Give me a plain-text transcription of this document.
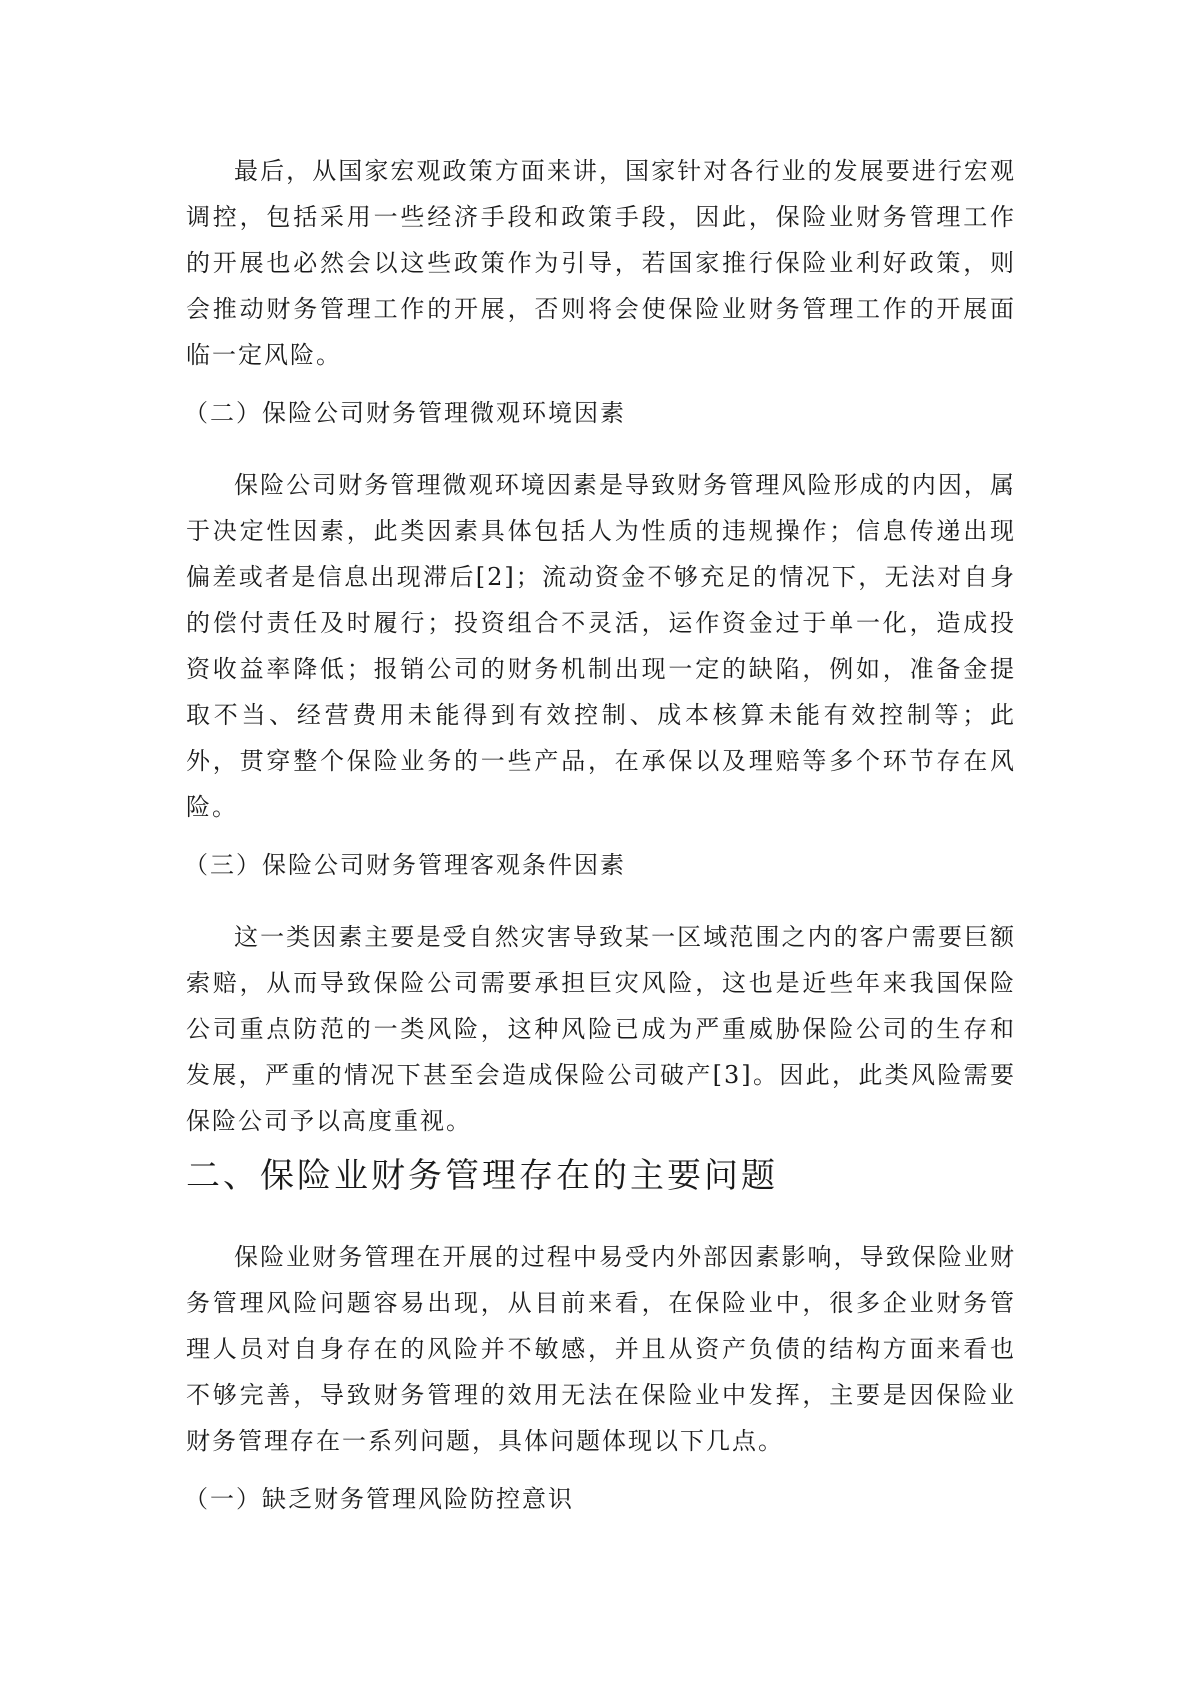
最后，从国家宏观政策方面来讲，国家针对各行业的发展要进行宏观调控，包括采用一些经济手段和政策手段，因此，保险业财务管理工作的开展也必然会以这些政策作为引导，若国家推行保险业利好政策，则会推动财务管理工作的开展，否则将会使保险业财务管理工作的开展面临一定风险。

（二）保险公司财务管理微观环境因素

保险公司财务管理微观环境因素是导致财务管理风险形成的内因，属于决定性因素，此类因素具体包括人为性质的违规操作；信息传递出现偏差或者是信息出现滞后[2]；流动资金不够充足的情况下，无法对自身的偿付责任及时履行；投资组合不灵活，运作资金过于单一化，造成投资收益率降低；报销公司的财务机制出现一定的缺陷，例如，准备金提取不当、经营费用未能得到有效控制、成本核算未能有效控制等；此外，贯穿整个保险业务的一些产品，在承保以及理赔等多个环节存在风险。

（三）保险公司财务管理客观条件因素

这一类因素主要是受自然灾害导致某一区域范围之内的客户需要巨额索赔，从而导致保险公司需要承担巨灾风险，这也是近些年来我国保险公司重点防范的一类风险，这种风险已成为严重威胁保险公司的生存和发展，严重的情况下甚至会造成保险公司破产[3]。因此，此类风险需要保险公司予以高度重视。

二、保险业财务管理存在的主要问题

保险业财务管理在开展的过程中易受内外部因素影响，导致保险业财务管理风险问题容易出现，从目前来看，在保险业中，很多企业财务管理人员对自身存在的风险并不敏感，并且从资产负债的结构方面来看也不够完善，导致财务管理的效用无法在保险业中发挥，主要是因保险业财务管理存在一系列问题，具体问题体现以下几点。

（一）缺乏财务管理风险防控意识
